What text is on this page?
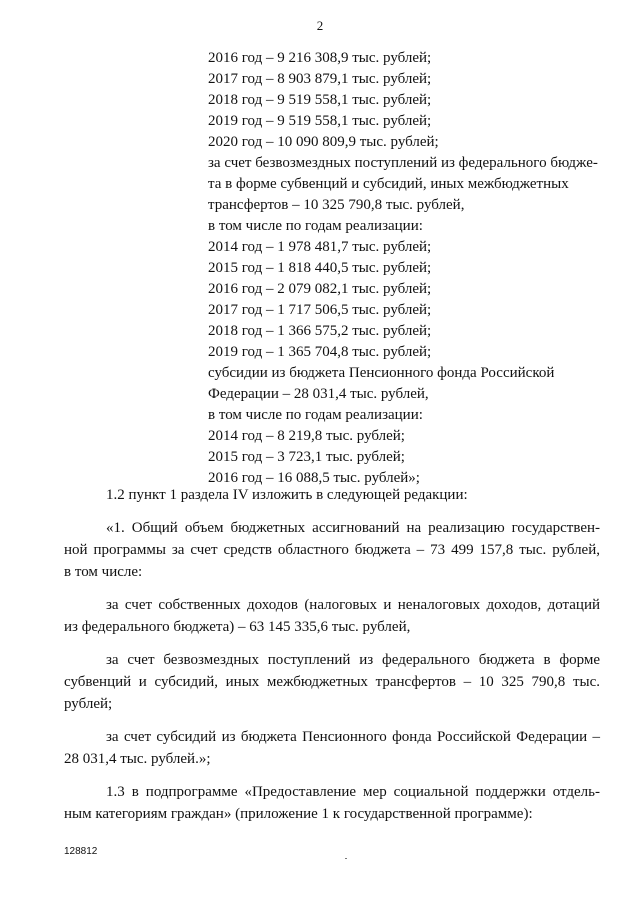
2
2016 год – 9 216 308,9 тыс. рублей;
2017 год – 8 903 879,1 тыс. рублей;
2018 год – 9 519 558,1 тыс. рублей;
2019 год – 9 519 558,1 тыс. рублей;
2020 год – 10 090 809,9 тыс. рублей;
за счет безвозмездных поступлений из федерального бюдже-
та в форме субвенций и субсидий, иных межбюджетных
трансфертов – 10 325 790,8 тыс. рублей,
в том числе по годам реализации:
2014 год – 1 978 481,7 тыс. рублей;
2015 год – 1 818 440,5 тыс. рублей;
2016 год – 2 079 082,1 тыс. рублей;
2017 год – 1 717 506,5 тыс. рублей;
2018 год – 1 366 575,2 тыс. рублей;
2019 год – 1 365 704,8 тыс. рублей;
субсидии из бюджета Пенсионного фонда Российской
Федерации – 28 031,4 тыс. рублей,
в том числе по годам реализации:
2014 год – 8 219,8 тыс. рублей;
2015 год – 3 723,1 тыс. рублей;
2016 год – 16 088,5 тыс. рублей»;
1.2 пункт 1 раздела IV изложить в следующей редакции:
«1. Общий объем бюджетных ассигнований на реализацию государствен-
ной программы за счет средств областного бюджета – 73 499 157,8 тыс. рублей,
в том числе:
за счет собственных доходов (налоговых и неналоговых доходов, дотаций
из федерального бюджета) – 63 145 335,6 тыс. рублей,
за счет безвозмездных поступлений из федерального бюджета в форме
субвенций и субсидий, иных межбюджетных трансфертов – 10 325 790,8 тыс.
рублей;
за счет субсидий из бюджета Пенсионного фонда Российской Федерации –
28 031,4 тыс. рублей.»;
1.3 в подпрограмме «Предоставление мер социальной поддержки отдель-
ным категориям граждан» (приложение 1 к государственной программе):
128812
